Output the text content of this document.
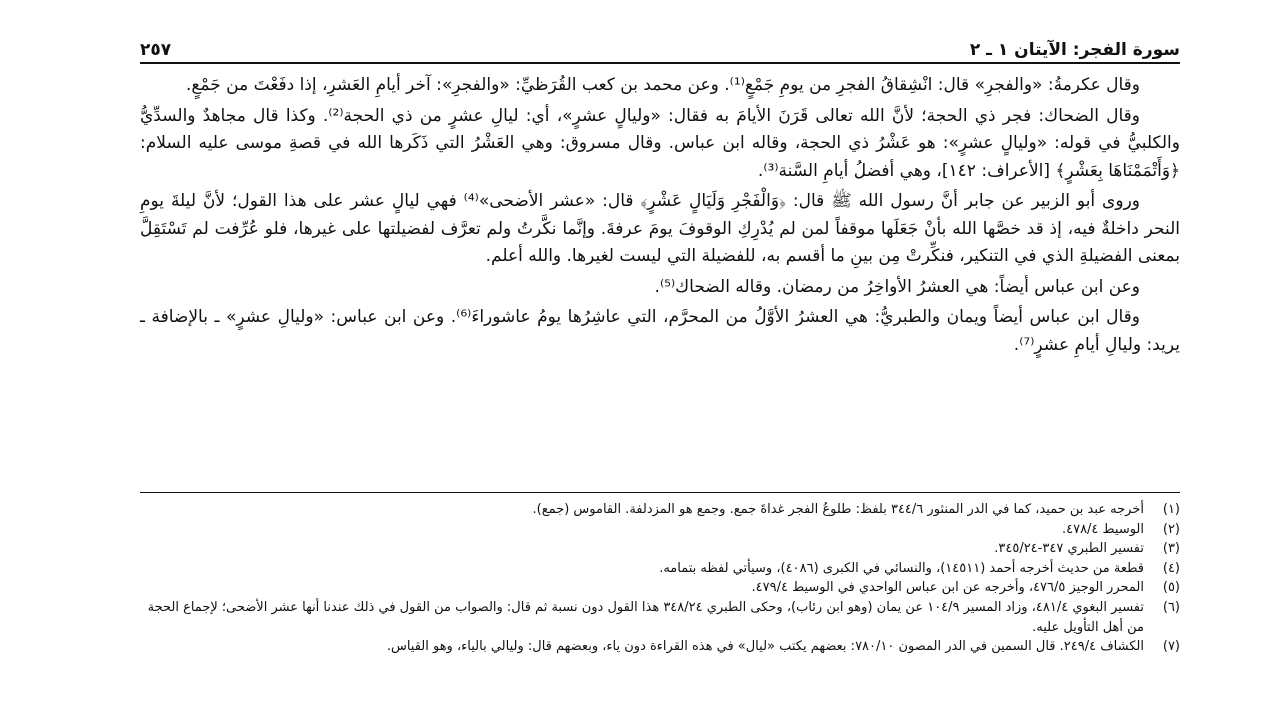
سورة الفجر: الآيتان ١ ـ ٢
٢٥٧

وقال عكرمةُ: «والفجرِ» قال: انْشِقاقُ الفجرِ من يومِ جَمْعٍ⁽¹⁾. وعن محمد بن كعب القُرَظيِّ: «والفجرِ»: آخر أيامِ العَشرِ، إذا دفَعْتَ من جَمْعٍ.

وقال الضحاك: فجر ذي الحجة؛ لأنَّ الله تعالى قَرَنَ الأيامَ به فقال: «وليالٍ عشرٍ»، أي: ليالِ عشرٍ من ذي الحجة⁽²⁾. وكذا قال مجاهدٌ والسدِّيُّ والكلبيُّ في قوله: «وليالٍ عشرٍ»: هو عَشْرُ ذي الحجة، وقاله ابن عباس. وقال مسروق: وهي العَشْرُ التي ذَكَرها الله في قصةِ موسى عليه السلام: ﴿وَأَتْمَمْنَاهَا بِعَشْرٍ﴾ [الأعراف: ١٤٢]، وهي أفضلُ أيامِ السَّنة⁽³⁾.

وروى أبو الزبير عن جابر أنَّ رسول الله ﷺ قال: ﴿وَالْفَجْرِ وَلَيَالٍ عَشْرٍ﴾ قال: «عشر الأضحى»⁽⁴⁾ فهي ليالٍ عشر على هذا القول؛ لأنَّ ليلةَ يومِ النحر داخلةٌ فيه، إذ قد خصَّها الله بأنْ جَعَلَها موقفاً لمن لم يُدْرِكِ الوقوفَ يومَ عرفةَ. وإنَّما نكَّرتُ ولم تعرَّف لفضيلتها على غيرها، فلو عُرِّفت لم تَسْتَقِلَّ بمعنى الفضيلةِ الذي في التنكير، فنكِّرتْ مِن بينِ ما أقسم به، للفضيلة التي ليست لغيرها. والله أعلم.

وعن ابن عباس أيضاً: هي العشرُ الأواخِرُ من رمضان. وقاله الضحاك⁽⁵⁾.

وقال ابن عباس أيضاً ويمان والطبريُّ: هي العشرُ الأوَّلُ من المحرَّم، التي عاشِرُها يومُ عاشوراءَ⁽⁶⁾. وعن ابن عباس: «وليالِ عشرٍ» ـ بالإضافة ـ يريد: وليالِ أيامِ عشرٍ⁽⁷⁾.

(١)
أخرجه عبد بن حميد، كما في الدر المنثور ٣٤٤/٦ بلفظ: طلوعُ الفجر غداةَ جمع. وجمع هو المزدلفة. القاموس (جمع).
(٢)
الوسيط ٤٧٨/٤.
(٣)
تفسير الطبري ٣٤٧-٣٤٥/٢٤.
(٤)
قطعة من حديث أخرجه أحمد (١٤٥١١)، والنسائي في الكبرى (٤٠٨٦)، وسيأتي لفظه بتمامه.
(٥)
المحرر الوجيز ٤٧٦/٥، وأخرجه عن ابن عباس الواحدي في الوسيط ٤٧٩/٤.
(٦)
تفسير البغوي ٤٨١/٤، وزاد المسير ١٠٤/٩ عن يمان (وهو ابن رئاب)، وحكى الطبري ٣٤٨/٢٤ هذا القول دون نسبة ثم قال: والصواب من القول في ذلك عندنا أنها عشر الأضحى؛ لإجماع الحجة من أهل التأويل عليه.
(٧)
الكشاف ٢٤٩/٤. قال السمين في الدر المصون ٧٨٠/١٠: بعضهم يكتب «ليال» في هذه القراءة دون ياء، وبعضهم قال: وليالي بالياء، وهو القياس.
